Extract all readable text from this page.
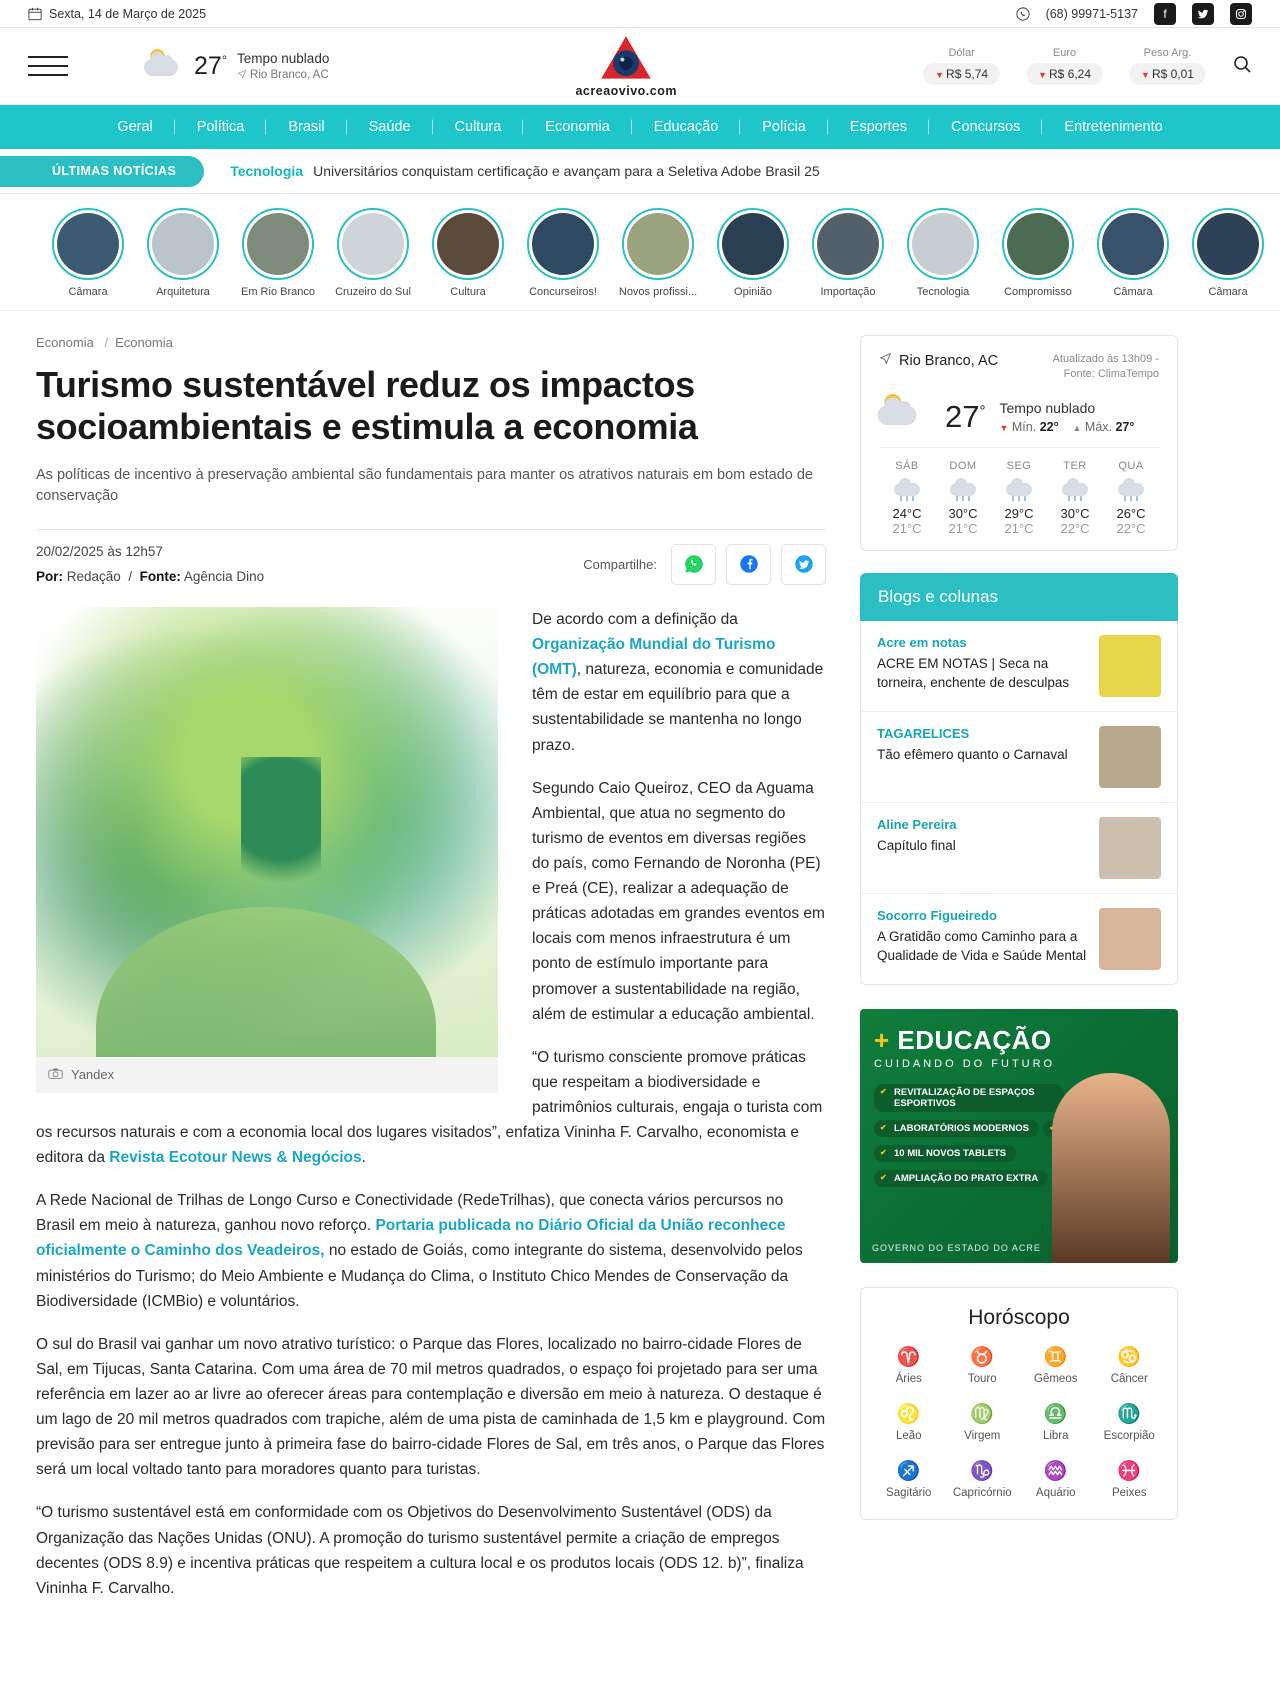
Sexta, 14 de Março de 2025	(68) 99971-5137	f
27° Tempo nublado
Rio Branco, AC
acreaovivo.com
Dólar
▼ R$ 5,74
Euro
▼ R$ 6,24
Peso Arg.
▼ R$ 0,01
Geral	Política	Brasil	Saúde	Cultura	Economia	Educação	Polícia	Esportes	Concursos	Entretenimento
ÚLTIMAS NOTÍCIAS	Tecnologia Universitários conquistam certificação e avançam para a Seletiva Adobe Brasil 25
Câmara	Arquitetura	Em Rio Branco Cruzeiro do Sul	Cultura	Concurseiros!	Novos profissi...	Opinião	Importação	Tecnologia	Compromisso	Câmara	Câmara
Economia / Economia
Turismo sustentável reduz os impactos socioambientais e estimula a economia
As políticas de incentivo à preservação ambiental são fundamentais para manter os atrativos naturais em bom estado de conservação
20/02/2025 às 12h57
Por: Redação  /  Fonte: Agência Dino
Compartilhe:
Yandex

De acordo com a definição da Organização Mundial do Turismo (OMT), natureza, economia e comunidade têm de estar em equilíbrio para que a sustentabilidade se mantenha no longo prazo.

Segundo Caio Queiroz, CEO da Aguama Ambiental, que atua no segmento do turismo de eventos em diversas regiões do país, como Fernando de Noronha (PE) e Preá (CE), realizar a adequação de práticas adotadas em grandes eventos em locais com menos infraestrutura é um ponto de estímulo importante para promover a sustentabilidade na região, além de estimular a educação ambiental.

“O turismo consciente promove práticas que respeitam a biodiversidade e patrimônios culturais, engaja o turista com os recursos naturais e com a economia local dos lugares visitados”, enfatiza Vininha F. Carvalho, economista e editora da Revista Ecotour News & Negócios.

A Rede Nacional de Trilhas de Longo Curso e Conectividade (RedeTrilhas), que conecta vários percursos no Brasil em meio à natureza, ganhou novo reforço. Portaria publicada no Diário Oficial da União reconhece oficialmente o Caminho dos Veadeiros, no estado de Goiás, como integrante do sistema, desenvolvido pelos ministérios do Turismo; do Meio Ambiente e Mudança do Clima, o Instituto Chico Mendes de Conservação da Biodiversidade (ICMBio) e voluntários.

O sul do Brasil vai ganhar um novo atrativo turístico: o Parque das Flores, localizado no bairro-cidade Flores de Sal, em Tijucas, Santa Catarina. Com uma área de 70 mil metros quadrados, o espaço foi projetado para ser uma referência em lazer ao ar livre ao oferecer áreas para contemplação e diversão em meio à natureza. O destaque é um lago de 20 mil metros quadrados com trapiche, além de uma pista de caminhada de 1,5 km e playground. Com previsão para ser entregue junto à primeira fase do bairro-cidade Flores de Sal, em três anos, o Parque das Flores será um local voltado tanto para moradores quanto para turistas.

“O turismo sustentável está em conformidade com os Objetivos do Desenvolvimento Sustentável (ODS) da Organização das Nações Unidas (ONU). A promoção do turismo sustentável permite a criação de empregos decentes (ODS 8.9) e incentiva práticas que respeitem a cultura local e os produtos locais (ODS 12. b)”, finaliza Vininha F. Carvalho.

Rio Branco, AC	Atualizado às 13h09 -
Fonte: ClimaTempo
27° Tempo nublado
▼ Mín. 22° ▲ Máx. 27°
SÁB
24°C
21°C
DOM
30°C
21°C
SEG
29°C
21°C
TER
30°C
22°C
QUA
26°C
22°C
Blogs e colunas
Acre em notas
ACRE EM NOTAS | Seca na torneira, enchente de desculpas
TAGARELICES
Tão efêmero quanto o Carnaval
Aline Pereira
Capítulo final
Socorro Figueiredo
A Gratidão como Caminho para a Qualidade de Vida e Saúde Mental
+ EDUCAÇÃO
CUIDANDO DO FUTURO
✔ REVITALIZAÇÃO DE ESPAÇOS ESPORTIVOS ✔ LABORATÓRIOS MODERNOS ✔ ✔ 10 MIL NOVOS TABLETS ✔ AMPLIAÇÃO DO PRATO EXTRA
GOVERNO DO ESTADO DO ACRE
Horóscopo
♈
Áries
♉
Touro
♊
Gêmeos
♋
Câncer
♌
Leão
♍
Virgem
♎
Libra
♏
Escorpião
♐
Sagitário
♑
Capricórnio
♒
Aquário
♓
Peixes
